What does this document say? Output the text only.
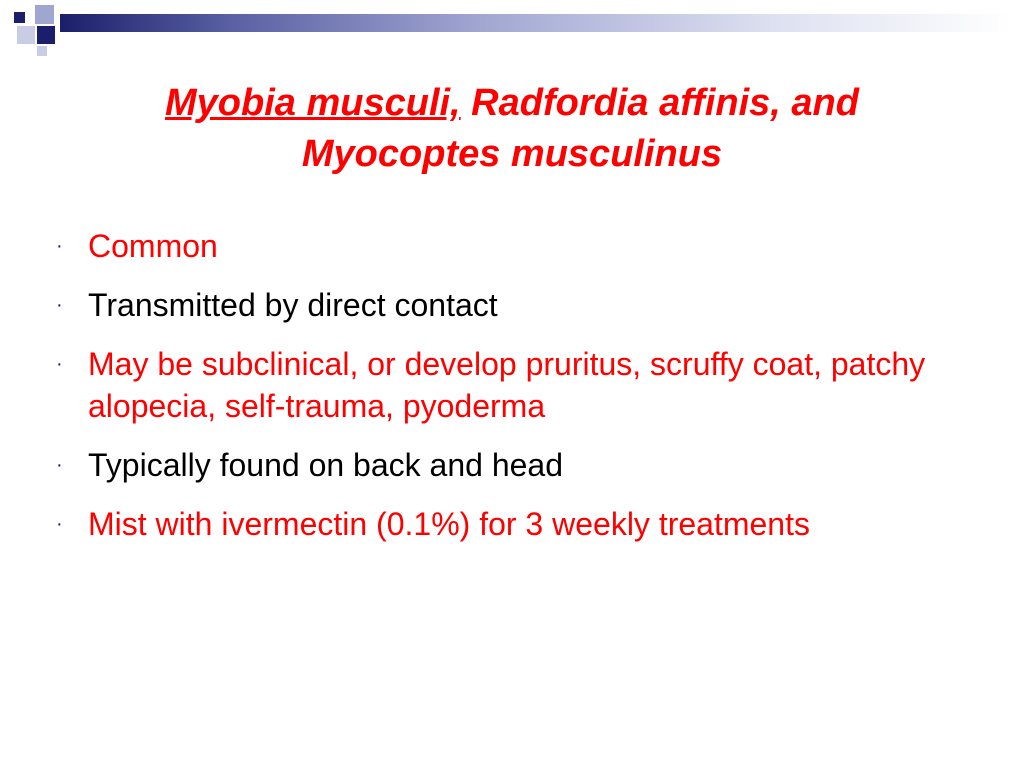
Myobia musculi, Radfordia affinis, and
Myocoptes musculinus
· Common
· Transmitted by direct contact
· May be subclinical, or develop pruritus, scruffy coat, patchy alopecia, self-trauma, pyoderma
· Typically found on back and head
· Mist with ivermectin (0.1%) for 3 weekly treatments
